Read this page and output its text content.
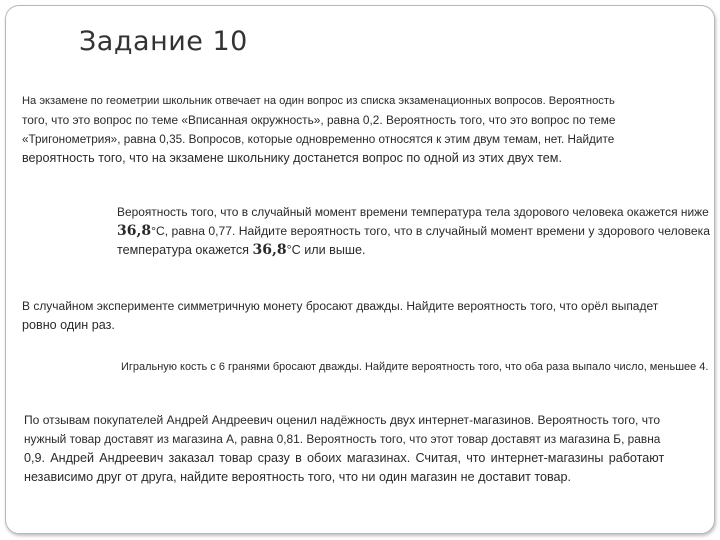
Задание 10

На экзамене по геометрии школьник отвечает на один вопрос из списка экзаменационных вопросов. Вероятность
того, что это вопрос по теме «Вписанная окружность», равна 0,2. Вероятность того, что это вопрос по теме
«Тригонометрия», равна 0,35. Вопросов, которые одновременно относятся к этим двум темам, нет. Найдите
вероятность того, что на экзамене школьнику достанется вопрос по одной из этих двух тем.

Вероятность того, что в случайный момент времени температура тела здорового человека окажется ниже
36,8°С, равна 0,77. Найдите вероятность того, что в случайный момент времени у здорового человека
температура окажется 36,8°С или выше.

В случайном эксперименте симметричную монету бросают дважды. Найдите вероятность того, что орёл выпадет
ровно один раз.

Игральную кость с 6 гранями бросают дважды. Найдите вероятность того, что оба раза выпало число, меньшее 4.

По отзывам покупателей Андрей Андреевич оценил надёжность двух интернет-магазинов. Вероятность того, что
нужный товар доставят из магазина А, равна 0,81. Вероятность того, что этот товар доставят из магазина Б, равна
0,9. Андрей Андреевич заказал товар сразу в обоих магазинах. Считая, что интернет-магазины работают
независимо друг от друга, найдите вероятность того, что ни один магазин не доставит товар.
